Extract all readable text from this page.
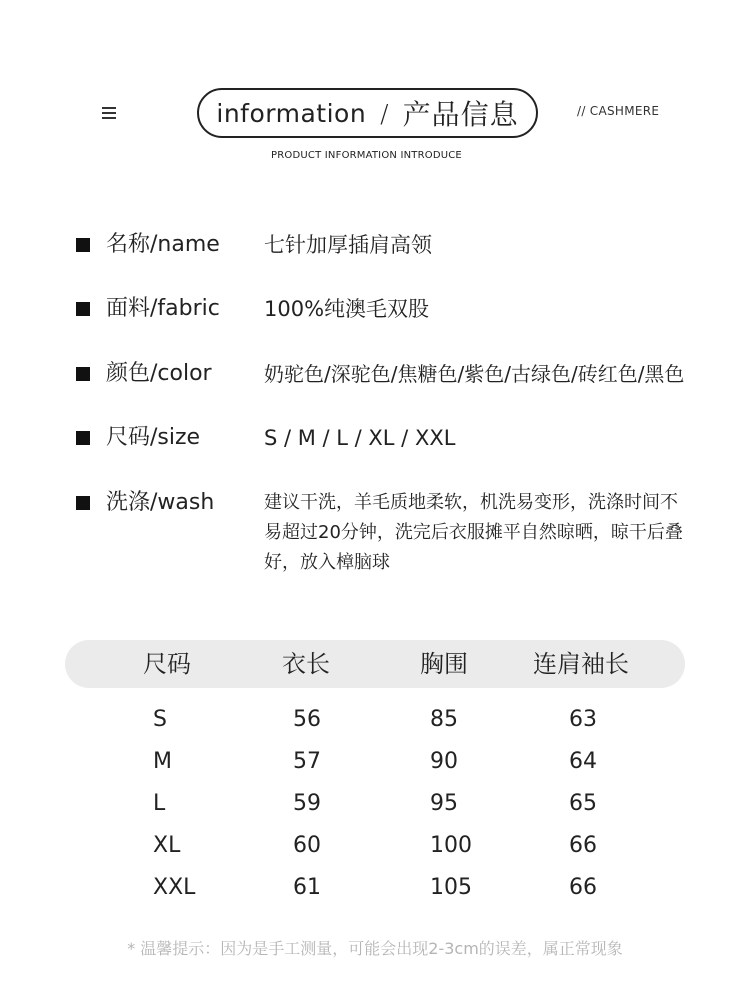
information / 产品信息	// CASHMERE
PRODUCT INFORMATION INTRODUCE
名称/name	七针加厚插肩高领
面料/fabric	100%纯澳毛双股
颜色/color	奶驼色/深驼色/焦糖色/紫色/古绿色/砖红色/黑色
尺码/size	S / M / L / XL / XXL
洗涤/wash	建议干洗，羊毛质地柔软，机洗易变形，洗涤时间不易超过20分钟，洗完后衣服摊平自然晾晒，晾干后叠好，放入樟脑球
尺码	衣长	胸围	连肩袖长
S	56	85	63
M	57	90	64
L	59	95	65
XL	60	100	66
XXL	61	105	66
* 温馨提示：因为是手工测量，可能会出现2-3cm的误差，属正常现象
